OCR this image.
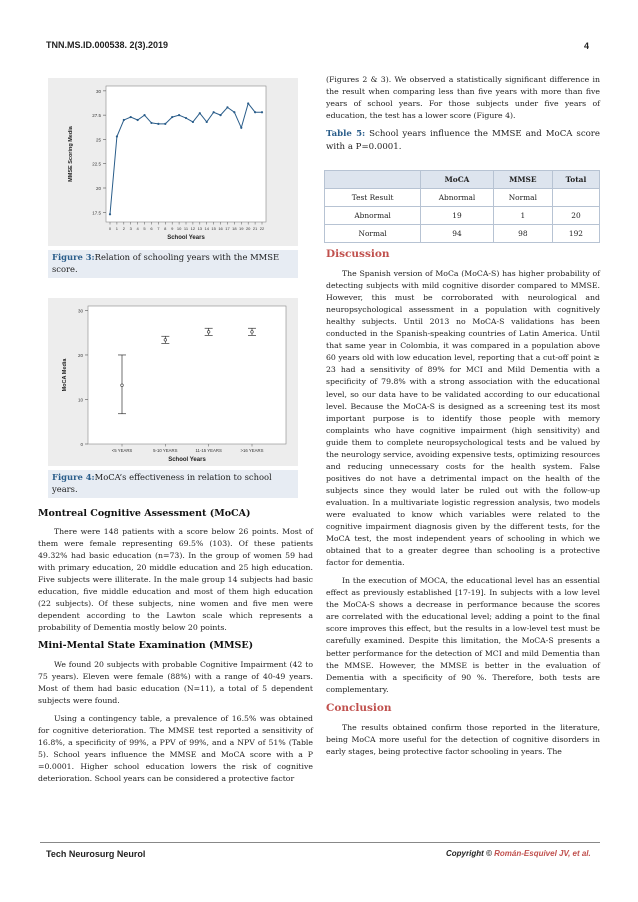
TNN.MS.ID.000538. 2(3).2019	4
17.5
20
22.5
25
27.5
30
0 1 2 3 4 5 6 7 8 9 10 11 12 13 14 15 16 17 18 19 20 21 22
School Years
MMSE Scoring Media
Figure 3:Relation of schooling years with the MMSE score.
0
10
20
30
<5 YEARS	5-10 YEARS	11-15 YEARS	>16 YEARS
School Years
MoCA Media
Figure 4:MoCA’s effectiveness in relation to school years.
Montreal Cognitive Assessment (MoCA)

There were 148 patients with a score below 26 points. Most of them were female representing 69.5% (103). Of these patients 49.32% had basic education (n=73). In the group of women 59 had with primary education, 20 middle education and 25 high education. Five subjects were illiterate. In the male group 14 subjects had basic education, five middle education and most of them high education (22 subjects). Of these subjects, nine women and five men were dependent according to the Lawton scale which represents a probability of Dementia mostly below 20 points.

Mini-Mental State Examination (MMSE)

We found 20 subjects with probable Cognitive Impairment (42 to 75 years). Eleven were female (88%) with a range of 40-49 years. Most of them had basic education (N=11), a total of 5 dependent subjects were found.

Using a contingency table, a prevalence of 16.5% was obtained for cognitive deterioration. The MMSE test reported a sensitivity of 16.8%, a specificity of 99%, a PPV of 99%, and a NPV of 51% (Table 5). School years influence the MMSE and MoCA score with a P =0.0001. Higher school education lowers the risk of cognitive deterioration. School years can be considered a protective factor

(Figures 2 & 3). We observed a statistically significant difference in the result when comparing less than five years with more than five years of school years. For those subjects under five years of education, the test has a lower score (Figure 4).

Table 5: School years influence the MMSE and MoCA score with a P=0.0001.
	MoCA	MMSE	Total
Test Result	Abnormal	Normal	
Abnormal	19	1	20
Normal	94	98	192
Discussion

The Spanish version of MoCa (MoCA-S) has higher probability of detecting subjects with mild cognitive disorder compared to MMSE. However, this must be corroborated with neurological and neuropsychological assessment in a population with cognitively healthy subjects. Until 2013 no MoCA-S validations has been conducted in the Spanish-speaking countries of Latin America. Until that same year in Colombia, it was compared in a population above 60 years old with low education level, reporting that a cut-off point ≥ 23 had a sensitivity of 89% for MCI and Mild Dementia with a specificity of 79.8% with a strong association with the educational level, so our data have to be validated according to our educational level. Because the MoCA-S is designed as a screening test its most important purpose is to identify those people with memory complaints who have cognitive impairment (high sensitivity) and guide them to complete neuropsychological tests and be valued by the neurology service, avoiding expensive tests, optimizing resources and reducing unnecessary costs for the health system. False positives do not have a detrimental impact on the health of the subjects since they would later be ruled out with the follow-up evaluation. In a multivariate logistic regression analysis, two models were evaluated to know which variables were related to the cognitive impairment diagnosis given by the different tests, for the MoCA test, the most independent years of schooling in which we obtained that to a greater degree than schooling is a protective factor for dementia.

In the execution of MOCA, the educational level has an essential effect as previously established [17-19]. In subjects with a low level the MoCA-S shows a decrease in performance because the scores are correlated with the educational level; adding a point to the final score improves this effect, but the results in a low-level test must be carefully examined. Despite this limitation, the MoCA-S presents a better performance for the detection of MCI and mild Dementia than the MMSE. However, the MMSE is better in the evaluation of Dementia with a specificity of 90 %. Therefore, both tests are complementary.

Conclusion

The results obtained confirm those reported in the literature, being MoCA more useful for the detection of cognitive disorders in early stages, being protective factor schooling in years. The

Tech Neurosurg Neurol	Copyright © Román-Esquivel JV, et al.
